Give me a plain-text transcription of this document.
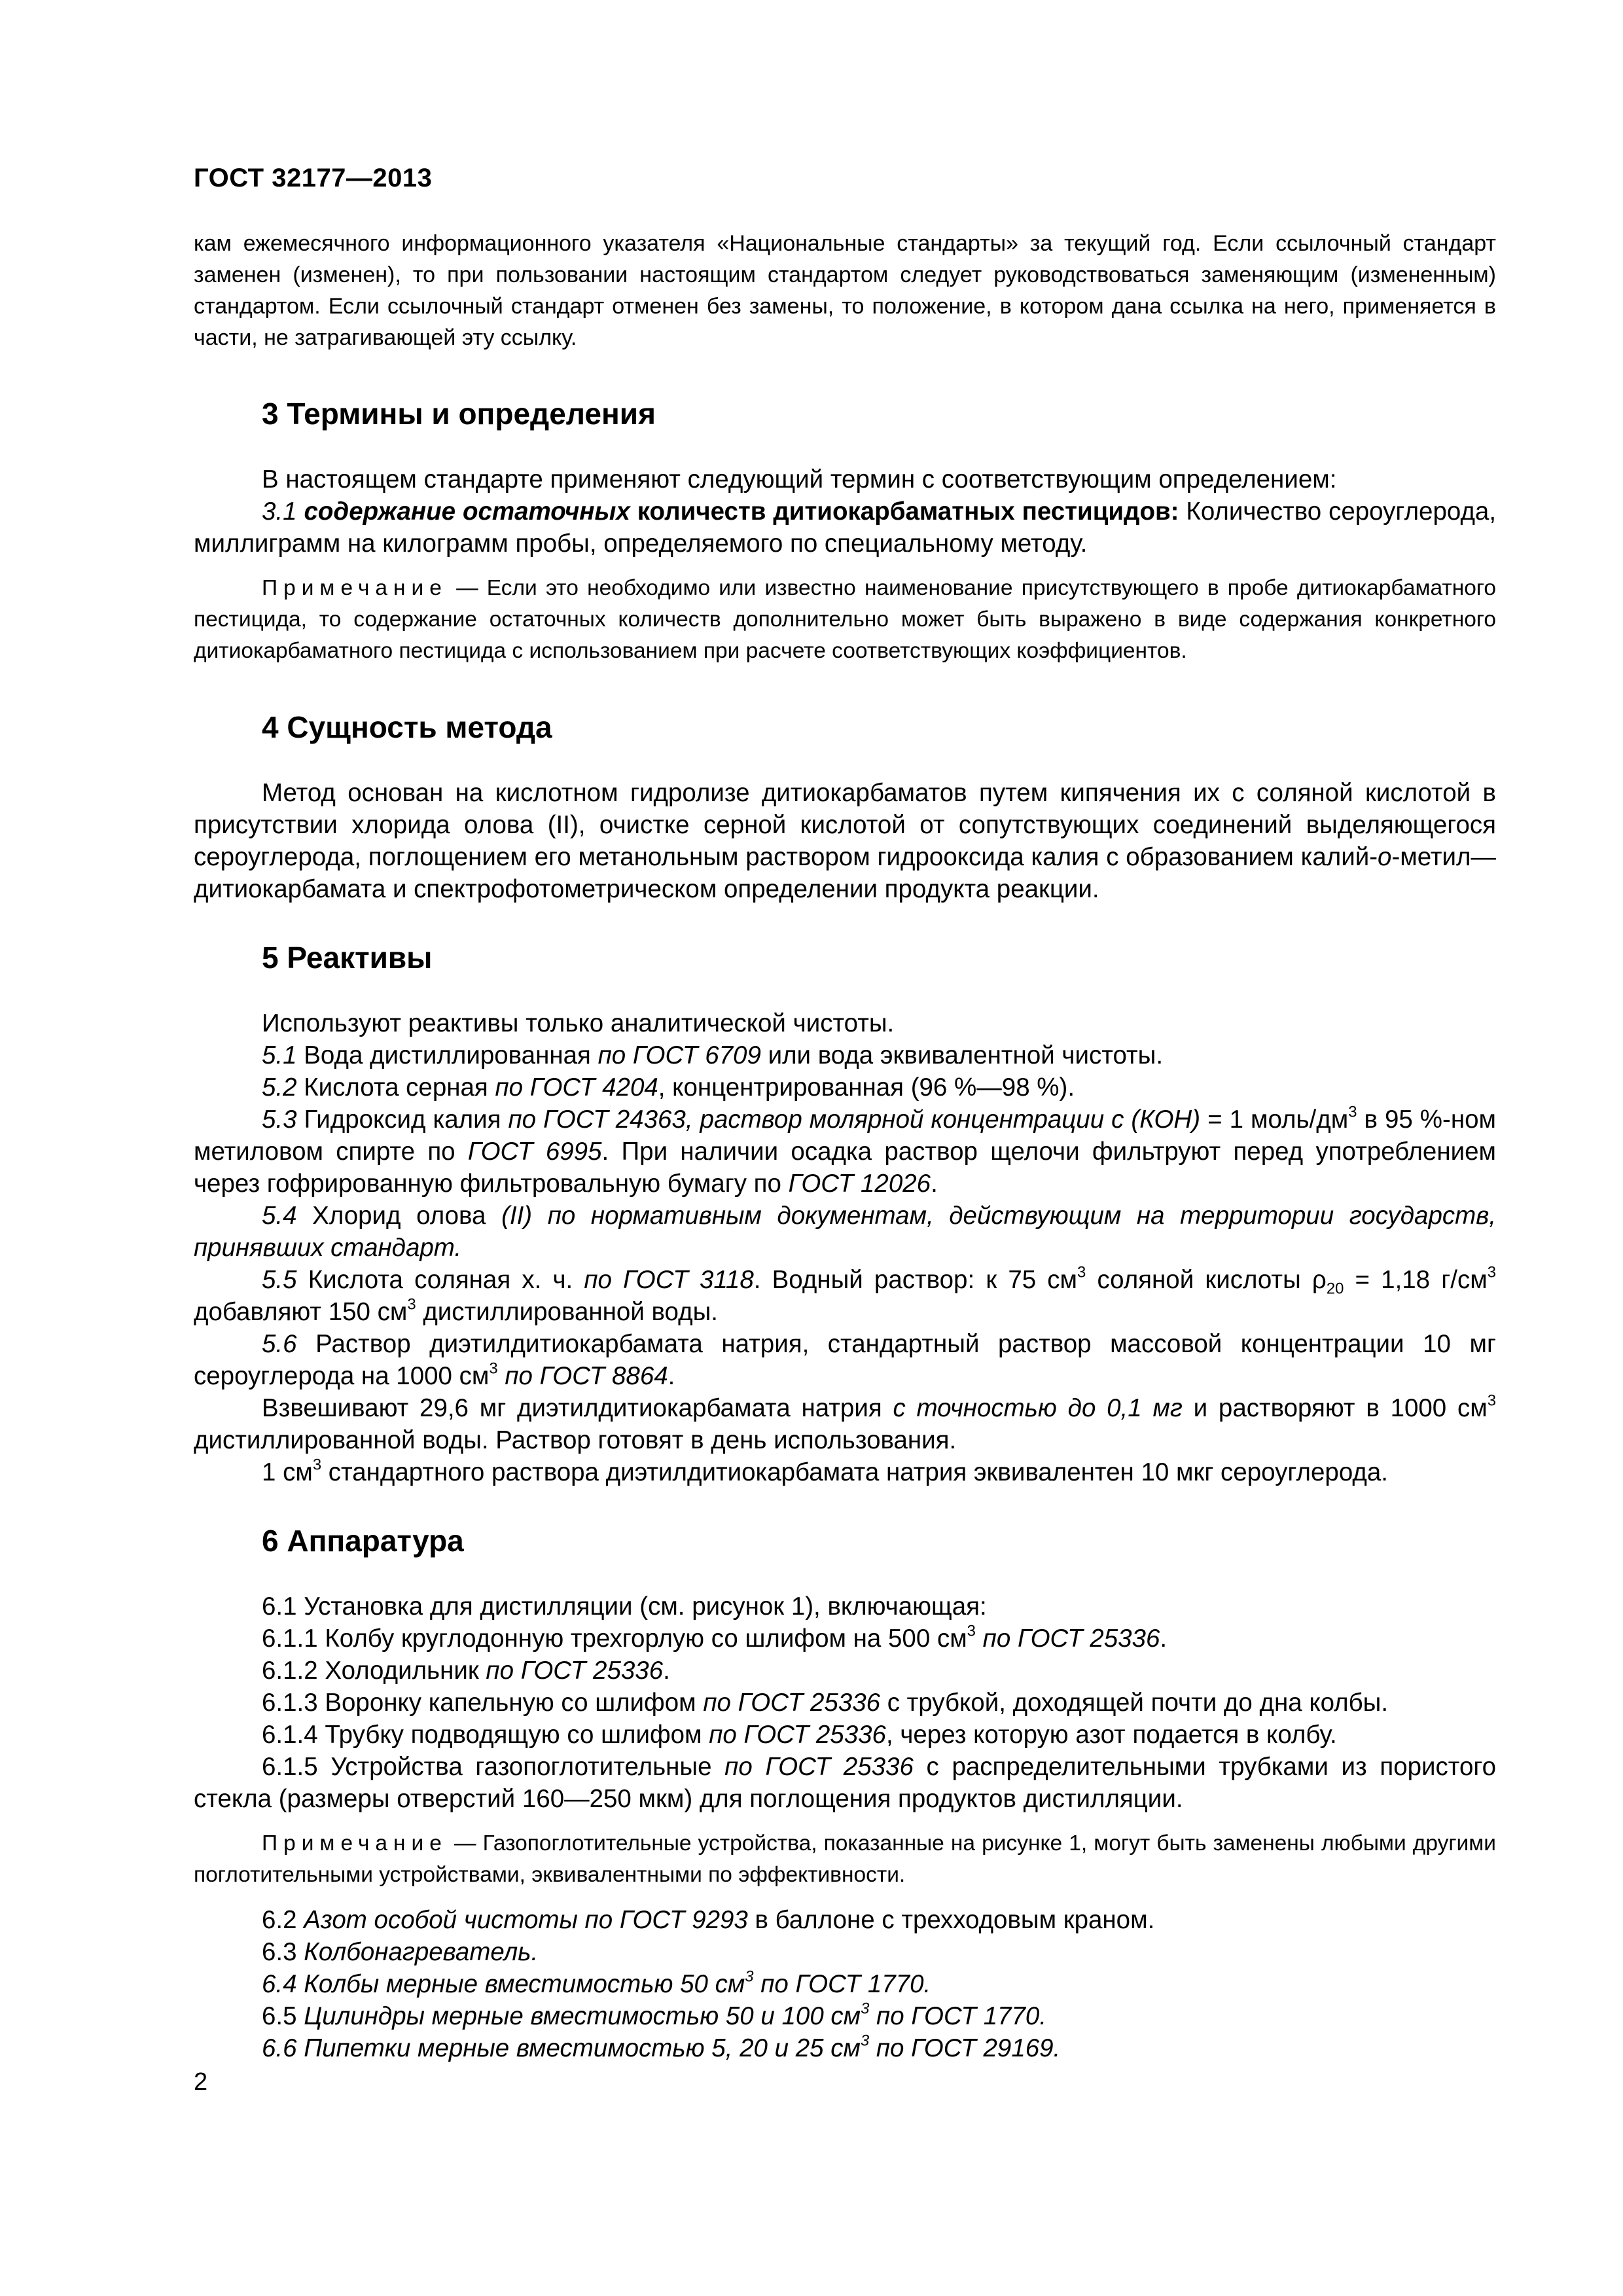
ГОСТ 32177—2013

кам ежемесячного информационного указателя «Национальные стандарты» за текущий год. Если ссылочный стандарт заменен (изменен), то при пользовании настоящим стандартом следует руководствоваться заменяющим (измененным) стандартом. Если ссылочный стандарт отменен без замены, то положение, в котором дана ссылка на него, применяется в части, не затрагивающей эту ссылку.

3 Термины и определения

В настоящем стандарте применяют следующий термин с соответствующим определением:

3.1 содержание остаточных количеств дитиокарбаматных пестицидов: Количество сероуглерода, миллиграмм на килограмм пробы, определяемого по специальному методу.

Примечание — Если это необходимо или известно наименование присутствующего в пробе дитиокарбаматного пестицида, то содержание остаточных количеств дополнительно может быть выражено в виде содержания конкретного дитиокарбаматного пестицида с использованием при расчете соответствующих коэффициентов.

4 Сущность метода

Метод основан на кислотном гидролизе дитиокарбаматов путем кипячения их с соляной кислотой в присутствии хлорида олова (II), очистке серной кислотой от сопутствующих соединений выделяющегося сероуглерода, поглощением его метанольным раствором гидрооксида калия с образованием калий-о-метил— дитиокарбамата и спектрофотометрическом определении продукта реакции.

5 Реактивы

Используют реактивы только аналитической чистоты.

5.1 Вода дистиллированная по ГОСТ 6709 или вода эквивалентной чистоты.

5.2 Кислота серная по ГОСТ 4204, концентрированная (96 %—98 %).

5.3 Гидроксид калия по ГОСТ 24363, раствор молярной концентрации с (КОН) = 1 моль/$дм^3$ в 95 %-ном метиловом спирте по ГОСТ 6995. При наличии осадка раствор щелочи фильтруют перед употреблением через гофрированную фильтровальную бумагу по ГОСТ 12026.

5.4 Хлорид олова (II) по нормативным документам, действующим на территории государств, принявших стандарт.

5.5 Кислота соляная х. ч. по ГОСТ 3118. Водный раствор: к 75 $см^3$ соляной кислоты $\rho_{20} = 1,18$ $г/см^3$ добавляют 150 $см^3$ дистиллированной воды.

5.6 Раствор диэтилдитиокарбамата натрия, стандартный раствор массовой концентрации 10 мг сероуглерода на 1000 $см^3$ по ГОСТ 8864.

Взвешивают 29,6 мг диэтилдитиокарбамата натрия с точностью до 0,1 мг и растворяют в 1000 $см^3$ дистиллированной воды. Раствор готовят в день использования.

1 $см^3$ стандартного раствора диэтилдитиокарбамата натрия эквивалентен 10 мкг сероуглерода.

6 Аппаратура

6.1 Установка для дистилляции (см. рисунок 1), включающая:

6.1.1 Колбу круглодонную трехгорлую со шлифом на 500 $см^3$ по ГОСТ 25336.

6.1.2 Холодильник по ГОСТ 25336.

6.1.3 Воронку капельную со шлифом по ГОСТ 25336 с трубкой, доходящей почти до дна колбы.

6.1.4 Трубку подводящую со шлифом по ГОСТ 25336, через которую азот подается в колбу.

6.1.5 Устройства газопоглотительные по ГОСТ 25336 с распределительными трубками из пористого стекла (размеры отверстий 160—250 мкм) для поглощения продуктов дистилляции.

Примечание — Газопоглотительные устройства, показанные на рисунке 1, могут быть заменены любыми другими поглотительными устройствами, эквивалентными по эффективности.

6.2 Азот особой чистоты по ГОСТ 9293 в баллоне с трехходовым краном.

6.3 Колбонагреватель.

6.4 Колбы мерные вместимостью 50 $см^3$ по ГОСТ 1770.

6.5 Цилиндры мерные вместимостью 50 и 100 $см^3$ по ГОСТ 1770.

6.6 Пипетки мерные вместимостью 5, 20 и 25 $см^3$ по ГОСТ 29169.

2
